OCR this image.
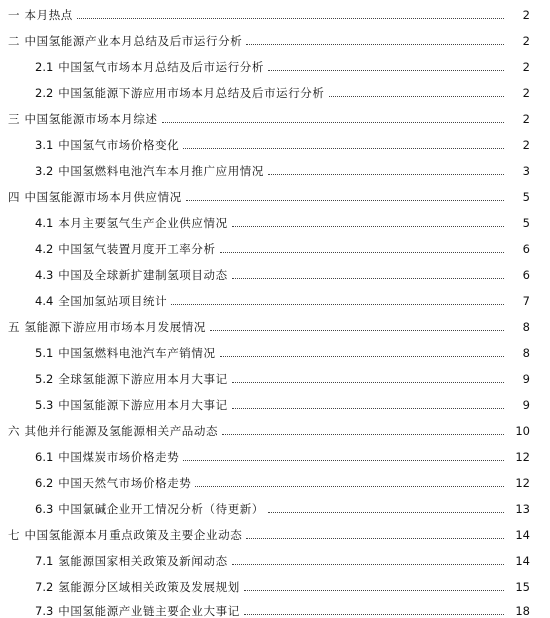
一 本月热点	2
二 中国氢能源产业本月总结及后市运行分析	2
2.1 中国氢气市场本月总结及后市运行分析	2
2.2 中国氢能源下游应用市场本月总结及后市运行分析	2
三 中国氢能源市场本月综述	2
3.1 中国氢气市场价格变化	2
3.2 中国氢燃料电池汽车本月推广应用情况	3
四 中国氢能源市场本月供应情况	5
4.1 本月主要氢气生产企业供应情况	5
4.2 中国氢气装置月度开工率分析	6
4.3 中国及全球新扩建制氢项目动态	6
4.4 全国加氢站项目统计	7
五 氢能源下游应用市场本月发展情况	8
5.1 中国氢燃料电池汽车产销情况	8
5.2 全球氢能源下游应用本月大事记	9
5.3 中国氢能源下游应用本月大事记	9
六 其他并行能源及氢能源相关产品动态	10
6.1 中国煤炭市场价格走势	12
6.2 中国天然气市场价格走势	12
6.3 中国氯碱企业开工情况分析（待更新）	13
七 中国氢能源本月重点政策及主要企业动态	14
7.1 氢能源国家相关政策及新闻动态	14
7.2 氢能源分区域相关政策及发展规划	15
7.3 中国氢能源产业链主要企业大事记	18
